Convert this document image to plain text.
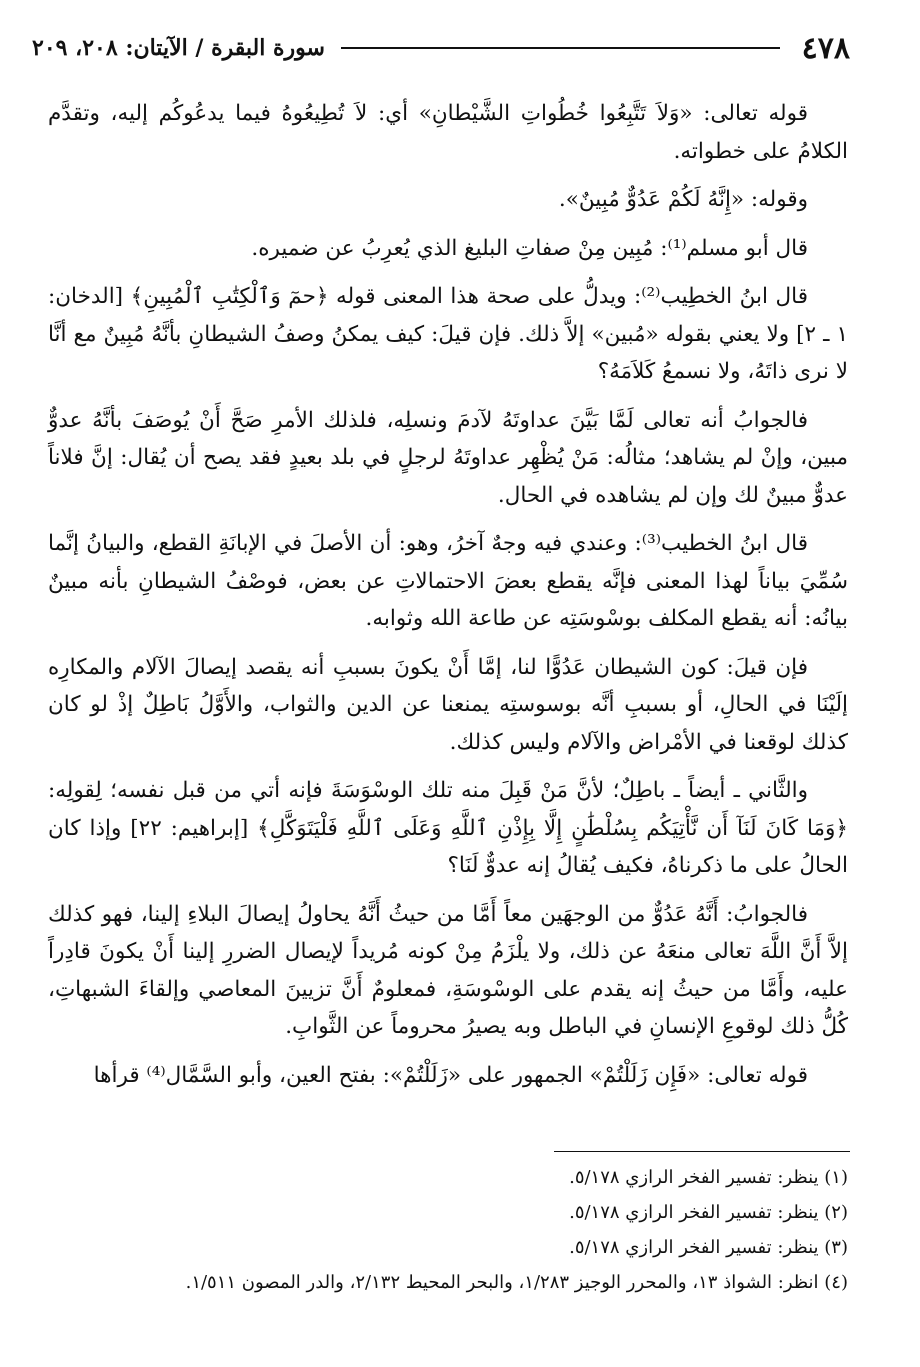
٤٧٨
سورة البقرة / الآيتان: ٢٠٨، ٢٠٩

قوله تعالى: «وَلاَ تَتَّبِعُوا خُطُواتِ الشَّيْطانِ» أي: لاَ تُطِيعُوهُ فيما يدعُوكُم إليه، وتقدَّم الكلامُ على خطواته.

وقوله: «إِنَّهُ لَكُمْ عَدُوٌّ مُبِينٌ».

قال أبو مسلم⁽¹⁾: مُبِين مِنْ صفاتِ البليغ الذي يُعرِبُ عن ضميره.

قال ابنُ الخطِيب⁽²⁾: ويدلُّ على صحة هذا المعنى قوله ﴿حمٓ وَٱلْكِتَٰبِ ٱلْمُبِينِ﴾ [الدخان: ١ ـ ٢] ولا يعني بقوله «مُبين» إلاَّ ذلك. فإن قيلَ: كيف يمكنُ وصفُ الشيطانِ بأنَّهُ مُبِينٌ مع أنَّا لا نرى ذاتَهُ، ولا نسمعُ كَلاَمَهُ؟

فالجوابُ أنه تعالى لَمَّا بَيَّنَ عداوتَهُ لآدمَ ونسلِه، فلذلك الأمرِ صَحَّ أَنْ يُوصَفَ بأنَّهُ عدوٌّ مبين، وإنْ لم يشاهد؛ مثالُه: مَنْ يُظْهِر عداوتَهُ لرجلٍ في بلد بعيدٍ فقد يصح أن يُقال: إنَّ فلاناً عدوٌّ مبينٌ لك وإن لم يشاهده في الحال.

قال ابنُ الخطيب⁽³⁾: وعندي فيه وجهٌ آخرُ، وهو: أن الأصلَ في الإبانَةِ القطع، والبيانُ إنَّما سُمِّيَ بياناً لهذا المعنى فإنَّه يقطع بعضَ الاحتمالاتِ عن بعض، فوصْفُ الشيطانِ بأنه مبينٌ بيانُه: أنه يقطع المكلف بوسْوسَتِه عن طاعة الله وثوابه.

فإن قيلَ: كون الشيطان عَدُوًّا لنا، إمَّا أَنْ يكونَ بسببِ أنه يقصد إيصالَ الآلام والمكارِه إلَيْنَا في الحالِ، أو بسببِ أنَّه بوسوستِه يمنعنا عن الدين والثواب، والأَوَّلُ بَاطِلٌ إذْ لو كان كذلك لوقعنا في الأمْراض والآلام وليس كذلك.

والثَّاني ـ أيضاً ـ باطِلٌ؛ لأنَّ مَنْ قَبِلَ منه تلك الوسْوَسَةَ فإنه أتي من قبل نفسه؛ لِقولِه: ﴿وَمَا كَانَ لَنَآ أَن نَّأْتِيَكُم بِسُلْطَٰنٍ إِلَّا بِإِذْنِ ٱللَّهِ وَعَلَى ٱللَّهِ فَلْيَتَوَكَّلِ﴾ [إبراهيم: ٢٢] وإذا كان الحالُ على ما ذكرناهُ، فكيف يُقالُ إنه عدوٌّ لَنَا؟

فالجوابُ: أَنَّهُ عَدُوٌّ من الوجهَين معاً أَمَّا من حيثُ أَنَّهُ يحاولُ إيصالَ البلاءِ إلينا، فهو كذلك إلاَّ أَنَّ اللَّهَ تعالى منعَهُ عن ذلك، ولا يلْزَمُ مِنْ كونه مُريداً لإيصال الضررِ إلينا أَنْ يكونَ قادِراً عليه، وأَمَّا من حيثُ إنه يقدم على الوسْوسَةِ، فمعلومٌ أَنَّ تزيينَ المعاصي وإلقاءَ الشبهاتِ، كُلُّ ذلك لوقوعِ الإنسانِ في الباطل وبه يصيرُ محروماً عن الثَّوابِ.

قوله تعالى: «فَإِن زَلَلْتُمْ» الجمهور على «زَلَلْتُمْ»: بفتح العين، وأبو السَّمَّال⁽⁴⁾ قرأها

(١) ينظر: تفسير الفخر الرازي ٥/١٧٨.
(٢) ينظر: تفسير الفخر الرازي ٥/١٧٨.
(٣) ينظر: تفسير الفخر الرازي ٥/١٧٨.
(٤) انظر: الشواذ ١٣، والمحرر الوجيز ١/٢٨٣، والبحر المحيط ٢/١٣٢، والدر المصون ١/٥١١.
